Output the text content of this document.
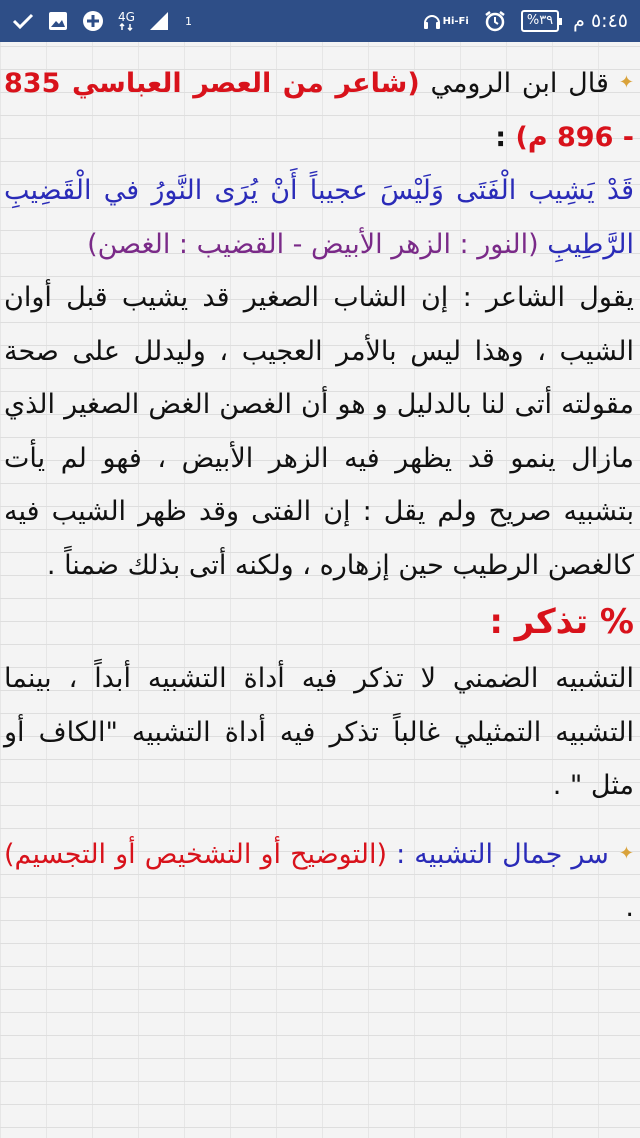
4G	1	Hi-Fi	%٣٩	٥:٤٥ م

✦قال ابن الرومي (شاعر من العصر العباسي 835 - 896 م) :

قَدْ يَشِيب الْفَتَى وَلَيْسَ عجيباً أَنْ يُرَى النَّورُ في الْقَضِيبِ الرَّطِيبِ (النور : الزهر الأبيض - القضيب : الغصن)

يقول الشاعر : إن الشاب الصغير قد يشيب قبل أوان الشيب ، وهذا ليس بالأمر العجيب ، وليدلل على صحة مقولته أتى لنا بالدليل و هو أن الغصن الغض الصغير الذي مازال ينمو قد يظهر فيه الزهر الأبيض ، فهو لم يأت بتشبيه صريح ولم يقل : إن الفتى وقد ظهر الشيب فيه كالغصن الرطيب حين إزهاره ، ولكنه أتى بذلك ضمناً .

% تذكر :

التشبيه الضمني لا تذكر فيه أداة التشبيه أبداً ، بينما التشبيه التمثيلي غالباً تذكر فيه أداة التشبيه "الكاف أو مثل " .

✦سر جمال التشبيه : (التوضيح أو التشخيص أو التجسيم) .
